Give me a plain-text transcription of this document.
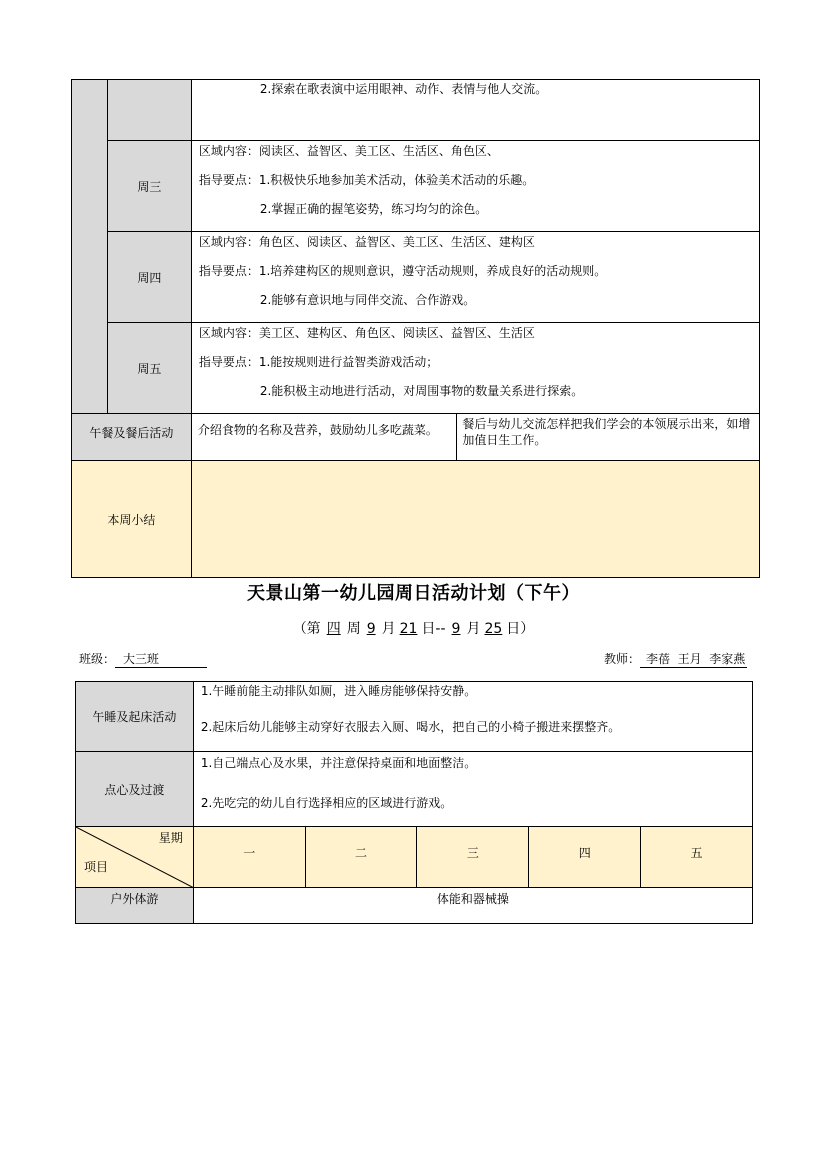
		2.探索在歌表演中运用眼神、动作、表情与他人交流。	

	周三	区域内容：阅读区、益智区、美工区、生活区、角色区、
指导要点：1.积极快乐地参加美术活动，体验美术活动的乐趣。
2.掌握正确的握笔姿势，练习均匀的涂色。	

	周四	区域内容：角色区、阅读区、益智区、美工区、生活区、建构区
指导要点：1.培养建构区的规则意识，遵守活动规则，养成良好的活动规则。
2.能够有意识地与同伴交流、合作游戏。	

	周五	区域内容：美工区、建构区、角色区、阅读区、益智区、生活区
指导要点：1.能按规则进行益智类游戏活动；
2.能积极主动地进行活动，对周围事物的数量关系进行探索。	

午餐及餐后活动		介绍食物的名称及营养，鼓励幼儿多吃蔬菜。	餐后与幼儿交流怎样把我们学会的本领展示出来，如增加值日生工作。

本周小结			
天景山第一幼儿园周日活动计划（下午）
（第 四 周 9 月 21 日-- 9 月 25 日）
班级： 大三班	教师： 李蓓  王月  李家燕
午睡及起床活动	1.午睡前能主动排队如厕，进入睡房能够保持安静。
2.起床后幼儿能够主动穿好衣服去入厕、喝水，把自己的小椅子搬进来摆整齐。				

点心及过渡	1.自己端点心及水果，并注意保持桌面和地面整洁。
2.先吃完的幼儿自行选择相应的区域进行游戏。				

星期
项目	一	二	三	四	五
户外体游	体能和器械操				
